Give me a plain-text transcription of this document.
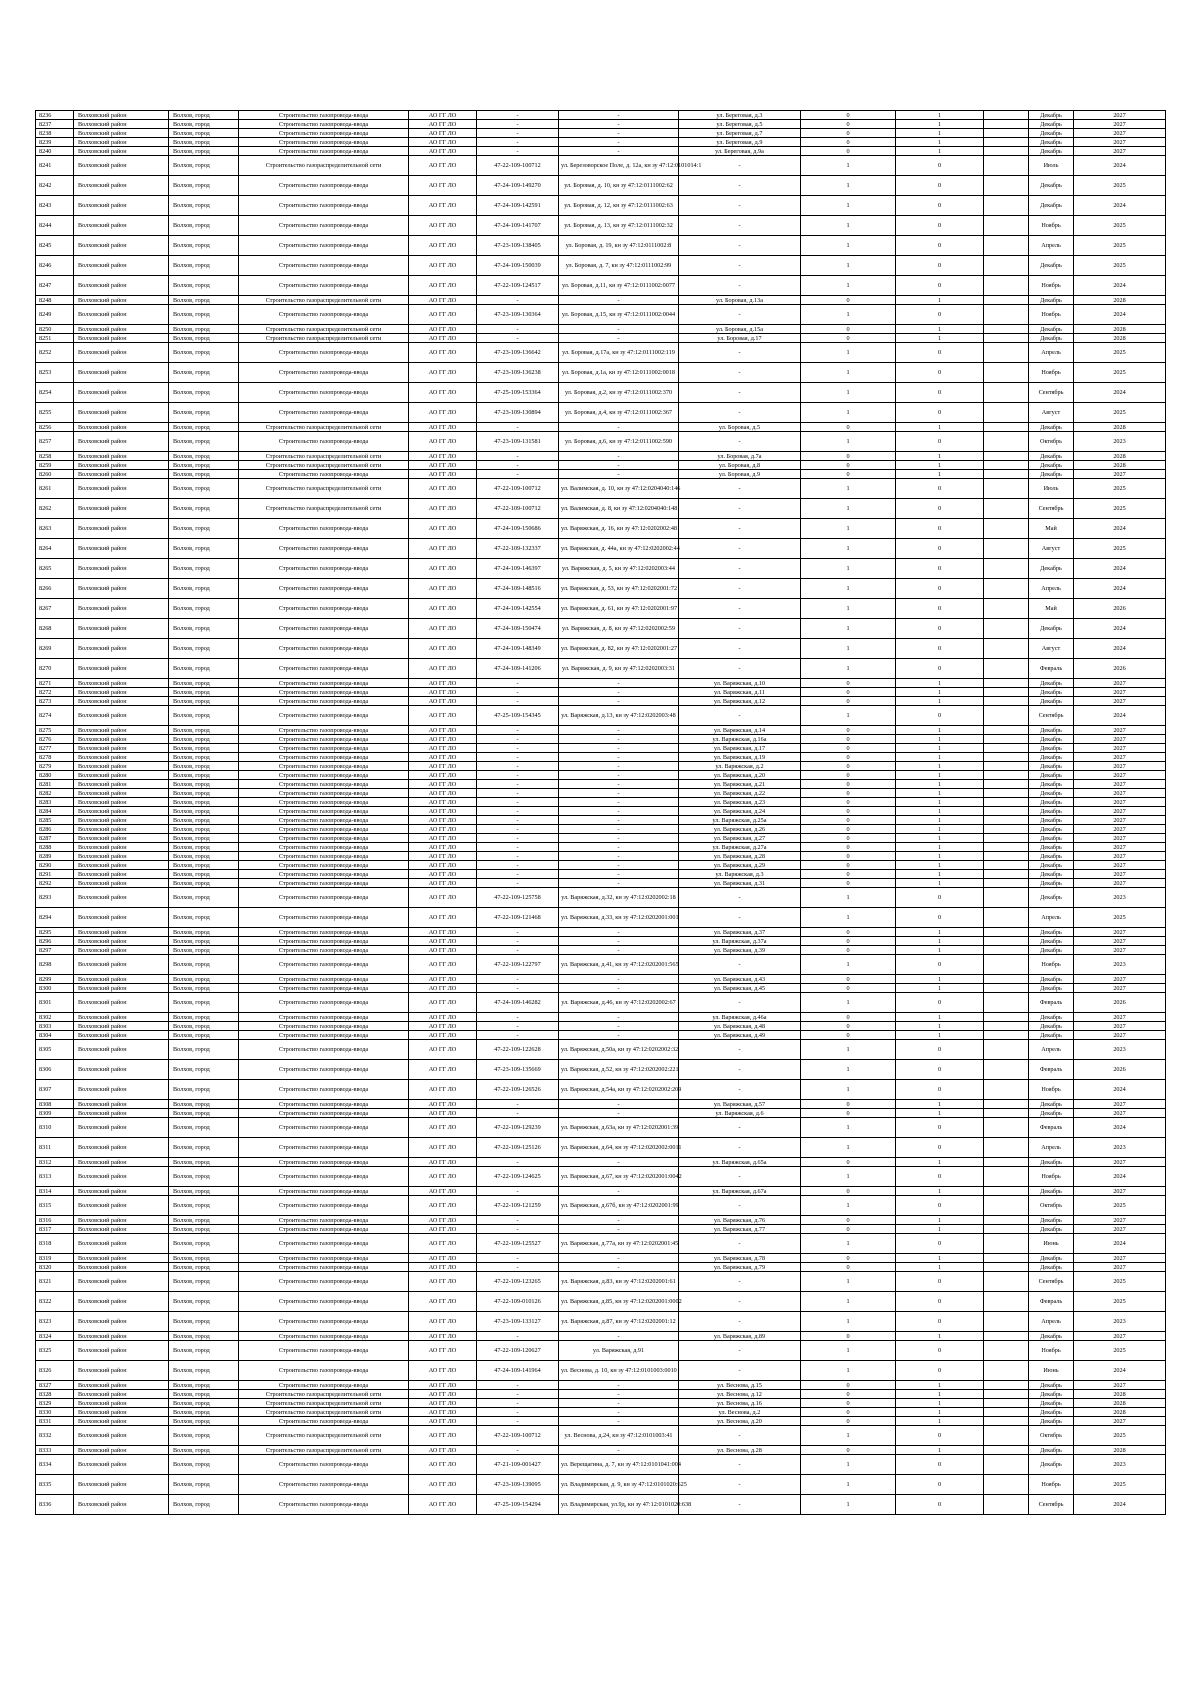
8236	Волховский район	Волхов, город	Строительство газопровода-ввода	АО ГГ ЛО	-	-	ул. Береговая, д.3	0	1		Декабрь	2027
8237	Волховский район	Волхов, город	Строительство газопровода-ввода	АО ГГ ЛО	-	-	ул. Береговая, д.5	0	1		Декабрь	2027
8238	Волховский район	Волхов, город	Строительство газопровода-ввода	АО ГГ ЛО	-	-	ул. Береговая, д.7	0	1		Декабрь	2027
8239	Волховский район	Волхов, город	Строительство газопровода-ввода	АО ГГ ЛО	-	-	ул. Береговая, д.9	0	1		Декабрь	2027
8240	Волховский район	Волхов, город	Строительство газопровода-ввода	АО ГГ ЛО	-	-	ул. Береговая, д.9а	0	1		Декабрь	2027
8241	Волховский район	Волхов, город	Строительство газораспределительной сети	АО ГГ ЛО	47-22-109-100712	ул. Березоворское Поле, д. 12а, кн зу 47:12:0101014:1	-	1	0		Июль	2024
8242	Волховский район	Волхов, город	Строительство газопровода-ввода	АО ГГ ЛО	47-24-109-149270	ул. Боровая, д. 10, кн зу 47:12:0111002:62	-	1	0		Декабрь	2025
8243	Волховский район	Волхов, город	Строительство газопровода-ввода	АО ГГ ЛО	47-24-109-142591	ул. Боровая, д. 12, кн зу 47:12:0111002:63	-	1	0		Декабрь	2024
8244	Волховский район	Волхов, город	Строительство газопровода-ввода	АО ГГ ЛО	47-24-109-141707	ул. Боровая, д. 13, кн зу 47:12:0111002:32	-	1	0		Ноябрь	2025
8245	Волховский район	Волхов, город	Строительство газопровода-ввода	АО ГГ ЛО	47-23-109-138405	ул. Боровая, д. 19, кн зу 47:12:0111002:8	-	1	0		Апрель	2025
8246	Волховский район	Волхов, город	Строительство газопровода-ввода	АО ГГ ЛО	47-24-109-150039	ул. Боровая, д. 7, кн зу 47:12:0111002:99	-	1	0		Декабрь	2025
8247	Волховский район	Волхов, город	Строительство газопровода-ввода	АО ГГ ЛО	47-22-109-124517	ул. Боровая, д.11, кн зу 47:12:0111002:0077	-	1	0		Ноябрь	2024
8248	Волховский район	Волхов, город	Строительство газораспределительной сети	АО ГГ ЛО	-	-	ул. Боровая, д.13а	0	1		Декабрь	2028
8249	Волховский район	Волхов, город	Строительство газопровода-ввода	АО ГГ ЛО	47-23-109-130364	ул. Боровая, д.15, кн зу 47:12:0111002:0044	-	1	0		Ноябрь	2024
8250	Волховский район	Волхов, город	Строительство газораспределительной сети	АО ГГ ЛО	-	-	ул. Боровая, д.15а	0	1		Декабрь	2028
8251	Волховский район	Волхов, город	Строительство газораспределительной сети	АО ГГ ЛО	-	-	ул. Боровая, д.17	0	1		Декабрь	2028
8252	Волховский район	Волхов, город	Строительство газопровода-ввода	АО ГГ ЛО	47-23-109-136642	ул. Боровая, д.17а, кн зу 47:12:0111002:119	-	1	0		Апрель	2025
8253	Волховский район	Волхов, город	Строительство газопровода-ввода	АО ГГ ЛО	47-23-109-136238	ул. Боровая, д.1а, кн зу 47:12:0111002:0018	-	1	0		Ноябрь	2025
8254	Волховский район	Волхов, город	Строительство газопровода-ввода	АО ГГ ЛО	47-25-109-153364	ул. Боровая, д.2, кн зу 47:12:0111002:370	-	1	0		Сентябрь	2024
8255	Волховский район	Волхов, город	Строительство газопровода-ввода	АО ГГ ЛО	47-23-109-130894	ул. Боровая, д.4, кн зу 47:12:0111002:367	-	1	0		Август	2025
8256	Волховский район	Волхов, город	Строительство газораспределительной сети	АО ГГ ЛО	-	-	ул. Боровая, д.5	0	1		Декабрь	2028
8257	Волховский район	Волхов, город	Строительство газопровода-ввода	АО ГГ ЛО	47-23-109-131581	ул. Боровая, д.6, кн зу 47:12:0111002:590	-	1	0		Октябрь	2023
8258	Волховский район	Волхов, город	Строительство газораспределительной сети	АО ГГ ЛО	-	-	ул. Боровая, д.7а	0	1		Декабрь	2028
8259	Волховский район	Волхов, город	Строительство газораспределительной сети	АО ГГ ЛО	-	-	ул. Боровая, д.8	0	1		Декабрь	2028
8260	Волховский район	Волхов, город	Строительство газопровода-ввода	АО ГГ ЛО	-	-	ул. Боровая, д.9	0	1		Декабрь	2027
8261	Волховский район	Волхов, город	Строительство газораспределительной сети	АО ГГ ЛО	47-22-109-100712	ул. Валимская, д. 10, кн зу 47:12:0204040:146	-	1	0		Июль	2025
8262	Волховский район	Волхов, город	Строительство газораспределительной сети	АО ГГ ЛО	47-22-109-100712	ул. Валимская, д. 8, кн зу 47:12:0204040:148	-	1	0		Сентябрь	2025
8263	Волховский район	Волхов, город	Строительство газопровода-ввода	АО ГГ ЛО	47-24-109-150686	ул. Варяжская, д. 16, кн зу 47:12:0202002:48	-	1	0		Май	2024
8264	Волховский район	Волхов, город	Строительство газопровода-ввода	АО ГГ ЛО	47-22-109-132337	ул. Варяжская, д. 44а, кн зу 47:12:0202002:44	-	1	0		Август	2025
8265	Волховский район	Волхов, город	Строительство газопровода-ввода	АО ГГ ЛО	47-24-109-146397	ул. Варяжская, д. 5, кн зу 47:12:0202003:44	-	1	0		Декабрь	2024
8266	Волховский район	Волхов, город	Строительство газопровода-ввода	АО ГГ ЛО	47-24-109-148516	ул. Варяжская, д. 53, кн зу 47:12:0202001:72	-	1	0		Апрель	2024
8267	Волховский район	Волхов, город	Строительство газопровода-ввода	АО ГГ ЛО	47-24-109-142554	ул. Варяжская, д. 61, кн зу 47:12:0202001:97	-	1	0		Май	2026
8268	Волховский район	Волхов, город	Строительство газопровода-ввода	АО ГГ ЛО	47-24-109-150474	ул. Варяжская, д. 8, кн зу 47:12:0202002:59	-	1	0		Декабрь	2024
8269	Волховский район	Волхов, город	Строительство газопровода-ввода	АО ГГ ЛО	47-24-109-148349	ул. Варяжская, д. 82, кн зу 47:12:0202001:27	-	1	0		Август	2024
8270	Волховский район	Волхов, город	Строительство газопровода-ввода	АО ГГ ЛО	47-24-109-141206	ул. Варяжская, д. 9, кн зу 47:12:0202003:31	-	1	0		Февраль	2026
8271	Волховский район	Волхов, город	Строительство газопровода-ввода	АО ГГ ЛО	-	-	ул. Варяжская, д.10	0	1		Декабрь	2027
8272	Волховский район	Волхов, город	Строительство газопровода-ввода	АО ГГ ЛО	-	-	ул. Варяжская, д.11	0	1		Декабрь	2027
8273	Волховский район	Волхов, город	Строительство газопровода-ввода	АО ГГ ЛО	-	-	ул. Варяжская, д.12	0	1		Декабрь	2027
8274	Волховский район	Волхов, город	Строительство газопровода-ввода	АО ГГ ЛО	47-25-109-154345	ул. Варяжская, д.13, кн зу 47:12:0202003:48	-	1	0		Сентябрь	2024
8275	Волховский район	Волхов, город	Строительство газопровода-ввода	АО ГГ ЛО	-	-	ул. Варяжская, д.14	0	1		Декабрь	2027
8276	Волховский район	Волхов, город	Строительство газопровода-ввода	АО ГГ ЛО	-	-	ул. Варяжская, д.16а	0	1		Декабрь	2027
8277	Волховский район	Волхов, город	Строительство газопровода-ввода	АО ГГ ЛО	-	-	ул. Варяжская, д.17	0	1		Декабрь	2027
8278	Волховский район	Волхов, город	Строительство газопровода-ввода	АО ГГ ЛО	-	-	ул. Варяжская, д.19	0	1		Декабрь	2027
8279	Волховский район	Волхов, город	Строительство газопровода-ввода	АО ГГ ЛО	-	-	ул. Варяжская, д.2	0	1		Декабрь	2027
8280	Волховский район	Волхов, город	Строительство газопровода-ввода	АО ГГ ЛО	-	-	ул. Варяжская, д.20	0	1		Декабрь	2027
8281	Волховский район	Волхов, город	Строительство газопровода-ввода	АО ГГ ЛО	-	-	ул. Варяжская, д.21	0	1		Декабрь	2027
8282	Волховский район	Волхов, город	Строительство газопровода-ввода	АО ГГ ЛО	-	-	ул. Варяжская, д.22	0	1		Декабрь	2027
8283	Волховский район	Волхов, город	Строительство газопровода-ввода	АО ГГ ЛО	-	-	ул. Варяжская, д.23	0	1		Декабрь	2027
8284	Волховский район	Волхов, город	Строительство газопровода-ввода	АО ГГ ЛО	-	-	ул. Варяжская, д.24	0	1		Декабрь	2027
8285	Волховский район	Волхов, город	Строительство газопровода-ввода	АО ГГ ЛО	-	-	ул. Варяжская, д.25а	0	1		Декабрь	2027
8286	Волховский район	Волхов, город	Строительство газопровода-ввода	АО ГГ ЛО	-	-	ул. Варяжская, д.26	0	1		Декабрь	2027
8287	Волховский район	Волхов, город	Строительство газопровода-ввода	АО ГГ ЛО	-	-	ул. Варяжская, д.27	0	1		Декабрь	2027
8288	Волховский район	Волхов, город	Строительство газопровода-ввода	АО ГГ ЛО	-	-	ул. Варяжская, д.27а	0	1		Декабрь	2027
8289	Волховский район	Волхов, город	Строительство газопровода-ввода	АО ГГ ЛО	-	-	ул. Варяжская, д.28	0	1		Декабрь	2027
8290	Волховский район	Волхов, город	Строительство газопровода-ввода	АО ГГ ЛО	-	-	ул. Варяжская, д.29	0	1		Декабрь	2027
8291	Волховский район	Волхов, город	Строительство газопровода-ввода	АО ГГ ЛО	-	-	ул. Варяжская, д.3	0	1		Декабрь	2027
8292	Волховский район	Волхов, город	Строительство газопровода-ввода	АО ГГ ЛО	-	-	ул. Варяжская, д.31	0	1		Декабрь	2027
8293	Волховский район	Волхов, город	Строительство газопровода-ввода	АО ГГ ЛО	47-22-109-125758	ул. Варяжская, д.32, кн зу 47:12:0202002:18	-	1	0		Декабрь	2023
8294	Волховский район	Волхов, город	Строительство газопровода-ввода	АО ГГ ЛО	47-22-109-121468	ул. Варяжская, д.33, кн зу 47:12:0202001:001	-	1	0		Апрель	2025
8295	Волховский район	Волхов, город	Строительство газопровода-ввода	АО ГГ ЛО	-	-	ул. Варяжская, д.37	0	1		Декабрь	2027
8296	Волховский район	Волхов, город	Строительство газопровода-ввода	АО ГГ ЛО	-	-	ул. Варяжская, д.37а	0	1		Декабрь	2027
8297	Волховский район	Волхов, город	Строительство газопровода-ввода	АО ГГ ЛО	-	-	ул. Варяжская, д.39	0	1		Декабрь	2027
8298	Волховский район	Волхов, город	Строительство газопровода-ввода	АО ГГ ЛО	47-22-109-122797	ул. Варяжская, д.41, кн зу 47:12:0202001:565	-	1	0		Ноябрь	2023
8299	Волховский район	Волхов, город	Строительство газопровода-ввода	АО ГГ ЛО	-	-	ул. Варяжская, д.43	0	1		Декабрь	2027
8300	Волховский район	Волхов, город	Строительство газопровода-ввода	АО ГГ ЛО	-	-	ул. Варяжская, д.45	0	1		Декабрь	2027
8301	Волховский район	Волхов, город	Строительство газопровода-ввода	АО ГГ ЛО	47-24-109-146282	ул. Варяжская, д.46, кн зу 47:12:0202002:67	-	1	0		Февраль	2026
8302	Волховский район	Волхов, город	Строительство газопровода-ввода	АО ГГ ЛО	-	-	ул. Варяжская, д.46а	0	1		Декабрь	2027
8303	Волховский район	Волхов, город	Строительство газопровода-ввода	АО ГГ ЛО	-	-	ул. Варяжская, д.48	0	1		Декабрь	2027
8304	Волховский район	Волхов, город	Строительство газопровода-ввода	АО ГГ ЛО	-	-	ул. Варяжская, д.49	0	1		Декабрь	2027
8305	Волховский район	Волхов, город	Строительство газопровода-ввода	АО ГГ ЛО	47-22-109-122628	ул. Варяжская, д.50а, кн зу 47:12:0202002:32	-	1	0		Апрель	2023
8306	Волховский район	Волхов, город	Строительство газопровода-ввода	АО ГГ ЛО	47-23-109-135669	ул. Варяжская, д.52, кн зу 47:12:0202002:221	-	1	0		Февраль	2026
8307	Волховский район	Волхов, город	Строительство газопровода-ввода	АО ГГ ЛО	47-22-109-126526	ул. Варяжская, д.54а, кн зу 47:12:0202002:209	-	1	0		Ноябрь	2024
8308	Волховский район	Волхов, город	Строительство газопровода-ввода	АО ГГ ЛО	-	-	ул. Варяжская, д.57	0	1		Декабрь	2027
8309	Волховский район	Волхов, город	Строительство газопровода-ввода	АО ГГ ЛО	-	-	ул. Варяжская, д.6	0	1		Декабрь	2027
8310	Волховский район	Волхов, город	Строительство газопровода-ввода	АО ГГ ЛО	47-22-109-129239	ул. Варяжская, д.63а, кн зу 47:12:0202001:39	-	1	0		Февраль	2024
8311	Волховский район	Волхов, город	Строительство газопровода-ввода	АО ГГ ЛО	47-22-109-125126	ул. Варяжская, д.64, кн зу 47:12:0202002:0011	-	1	0		Апрель	2023
8312	Волховский район	Волхов, город	Строительство газопровода-ввода	АО ГГ ЛО	-	-	ул. Варяжская, д.65а	0	1		Декабрь	2027
8313	Волховский район	Волхов, город	Строительство газопровода-ввода	АО ГГ ЛО	47-22-109-124625	ул. Варяжская, д.67, кн зу 47:12:0202001:0042	-	1	0		Ноябрь	2024
8314	Волховский район	Волхов, город	Строительство газопровода-ввода	АО ГГ ЛО	-	-	ул. Варяжская, д.67а	0	1		Декабрь	2027
8315	Волховский район	Волхов, город	Строительство газопровода-ввода	АО ГГ ЛО	47-22-109-121259	ул. Варяжская, д.67б, кн зу 47:12:0202001:99	-	1	0		Октябрь	2025
8316	Волховский район	Волхов, город	Строительство газопровода-ввода	АО ГГ ЛО	-	-	ул. Варяжская, д.76	0	1		Декабрь	2027
8317	Волховский район	Волхов, город	Строительство газопровода-ввода	АО ГГ ЛО	-	-	ул. Варяжская, д.77	0	1		Декабрь	2027
8318	Волховский район	Волхов, город	Строительство газопровода-ввода	АО ГГ ЛО	47-22-109-125527	ул. Варяжская, д.77а, кн зу 47:12:0202001:45	-	1	0		Июнь	2024
8319	Волховский район	Волхов, город	Строительство газопровода-ввода	АО ГГ ЛО	-	-	ул. Варяжская, д.78	0	1		Декабрь	2027
8320	Волховский район	Волхов, город	Строительство газопровода-ввода	АО ГГ ЛО	-	-	ул. Варяжская, д.79	0	1		Декабрь	2027
8321	Волховский район	Волхов, город	Строительство газопровода-ввода	АО ГГ ЛО	47-22-109-123265	ул. Варяжская, д.83, кн зу 47:12:0202001:61	-	1	0		Сентябрь	2025
8322	Волховский район	Волхов, город	Строительство газопровода-ввода	АО ГГ ЛО	47-22-109-010126	ул. Варяжская, д.85, кн зу 47:12:0202001:0002	-	1	0		Февраль	2025
8323	Волховский район	Волхов, город	Строительство газопровода-ввода	АО ГГ ЛО	47-23-109-133127	ул. Варяжская, д.87, кн зу 47:12:0202001:12	-	1	0		Апрель	2023
8324	Волховский район	Волхов, город	Строительство газопровода-ввода	АО ГГ ЛО	-	-	ул. Варяжская, д.89	0	1		Декабрь	2027
8325	Волховский район	Волхов, город	Строительство газопровода-ввода	АО ГГ ЛО	47-22-109-120627	ул. Варяжская, д.91	-	1	0		Ноябрь	2025
8326	Волховский район	Волхов, город	Строительство газопровода-ввода	АО ГГ ЛО	47-24-109-141964	ул. Веснова, д. 10, кн зу 47:12:0101003:0010	-	1	0		Июнь	2024
8327	Волховский район	Волхов, город	Строительство газопровода-ввода	АО ГГ ЛО	-	-	ул. Веснова, д.15	0	1		Декабрь	2027
8328	Волховский район	Волхов, город	Строительство газораспределительной сети	АО ГГ ЛО	-	-	ул. Веснова, д.12	0	1		Декабрь	2028
8329	Волховский район	Волхов, город	Строительство газораспределительной сети	АО ГГ ЛО	-	-	ул. Веснова, д.16	0	1		Декабрь	2028
8330	Волховский район	Волхов, город	Строительство газораспределительной сети	АО ГГ ЛО	-	-	ул. Веснова, д.2	0	1		Декабрь	2028
8331	Волховский район	Волхов, город	Строительство газопровода-ввода	АО ГГ ЛО	-	-	ул. Веснова, д.20	0	1		Декабрь	2027
8332	Волховский район	Волхов, город	Строительство газораспределительной сети	АО ГГ ЛО	47-22-109-100712	ул. Веснова, д.24, кн зу 47:12:0101003:41	-	1	0		Октябрь	2025
8333	Волховский район	Волхов, город	Строительство газораспределительной сети	АО ГГ ЛО	-	-	ул. Веснова, д.28	0	1		Декабрь	2028
8334	Волховский район	Волхов, город	Строительство газопровода-ввода	АО ГГ ЛО	47-21-109-001427	ул. Верещагина, д. 7, кн зу 47:12:0101041:004	-	1	0		Декабрь	2023
8335	Волховский район	Волхов, город	Строительство газопровода-ввода	АО ГГ ЛО	47-23-109-139095	ул. Владимирская, д. 9, кн зу 47:12:0101020:625	-	1	0		Ноябрь	2025
8336	Волховский район	Волхов, город	Строительство газопровода-ввода	АО ГГ ЛО	47-25-109-154294	ул. Владимирская, ул.9д, кн зу 47:12:0101020:638	-	1	0		Сентябрь	2024
